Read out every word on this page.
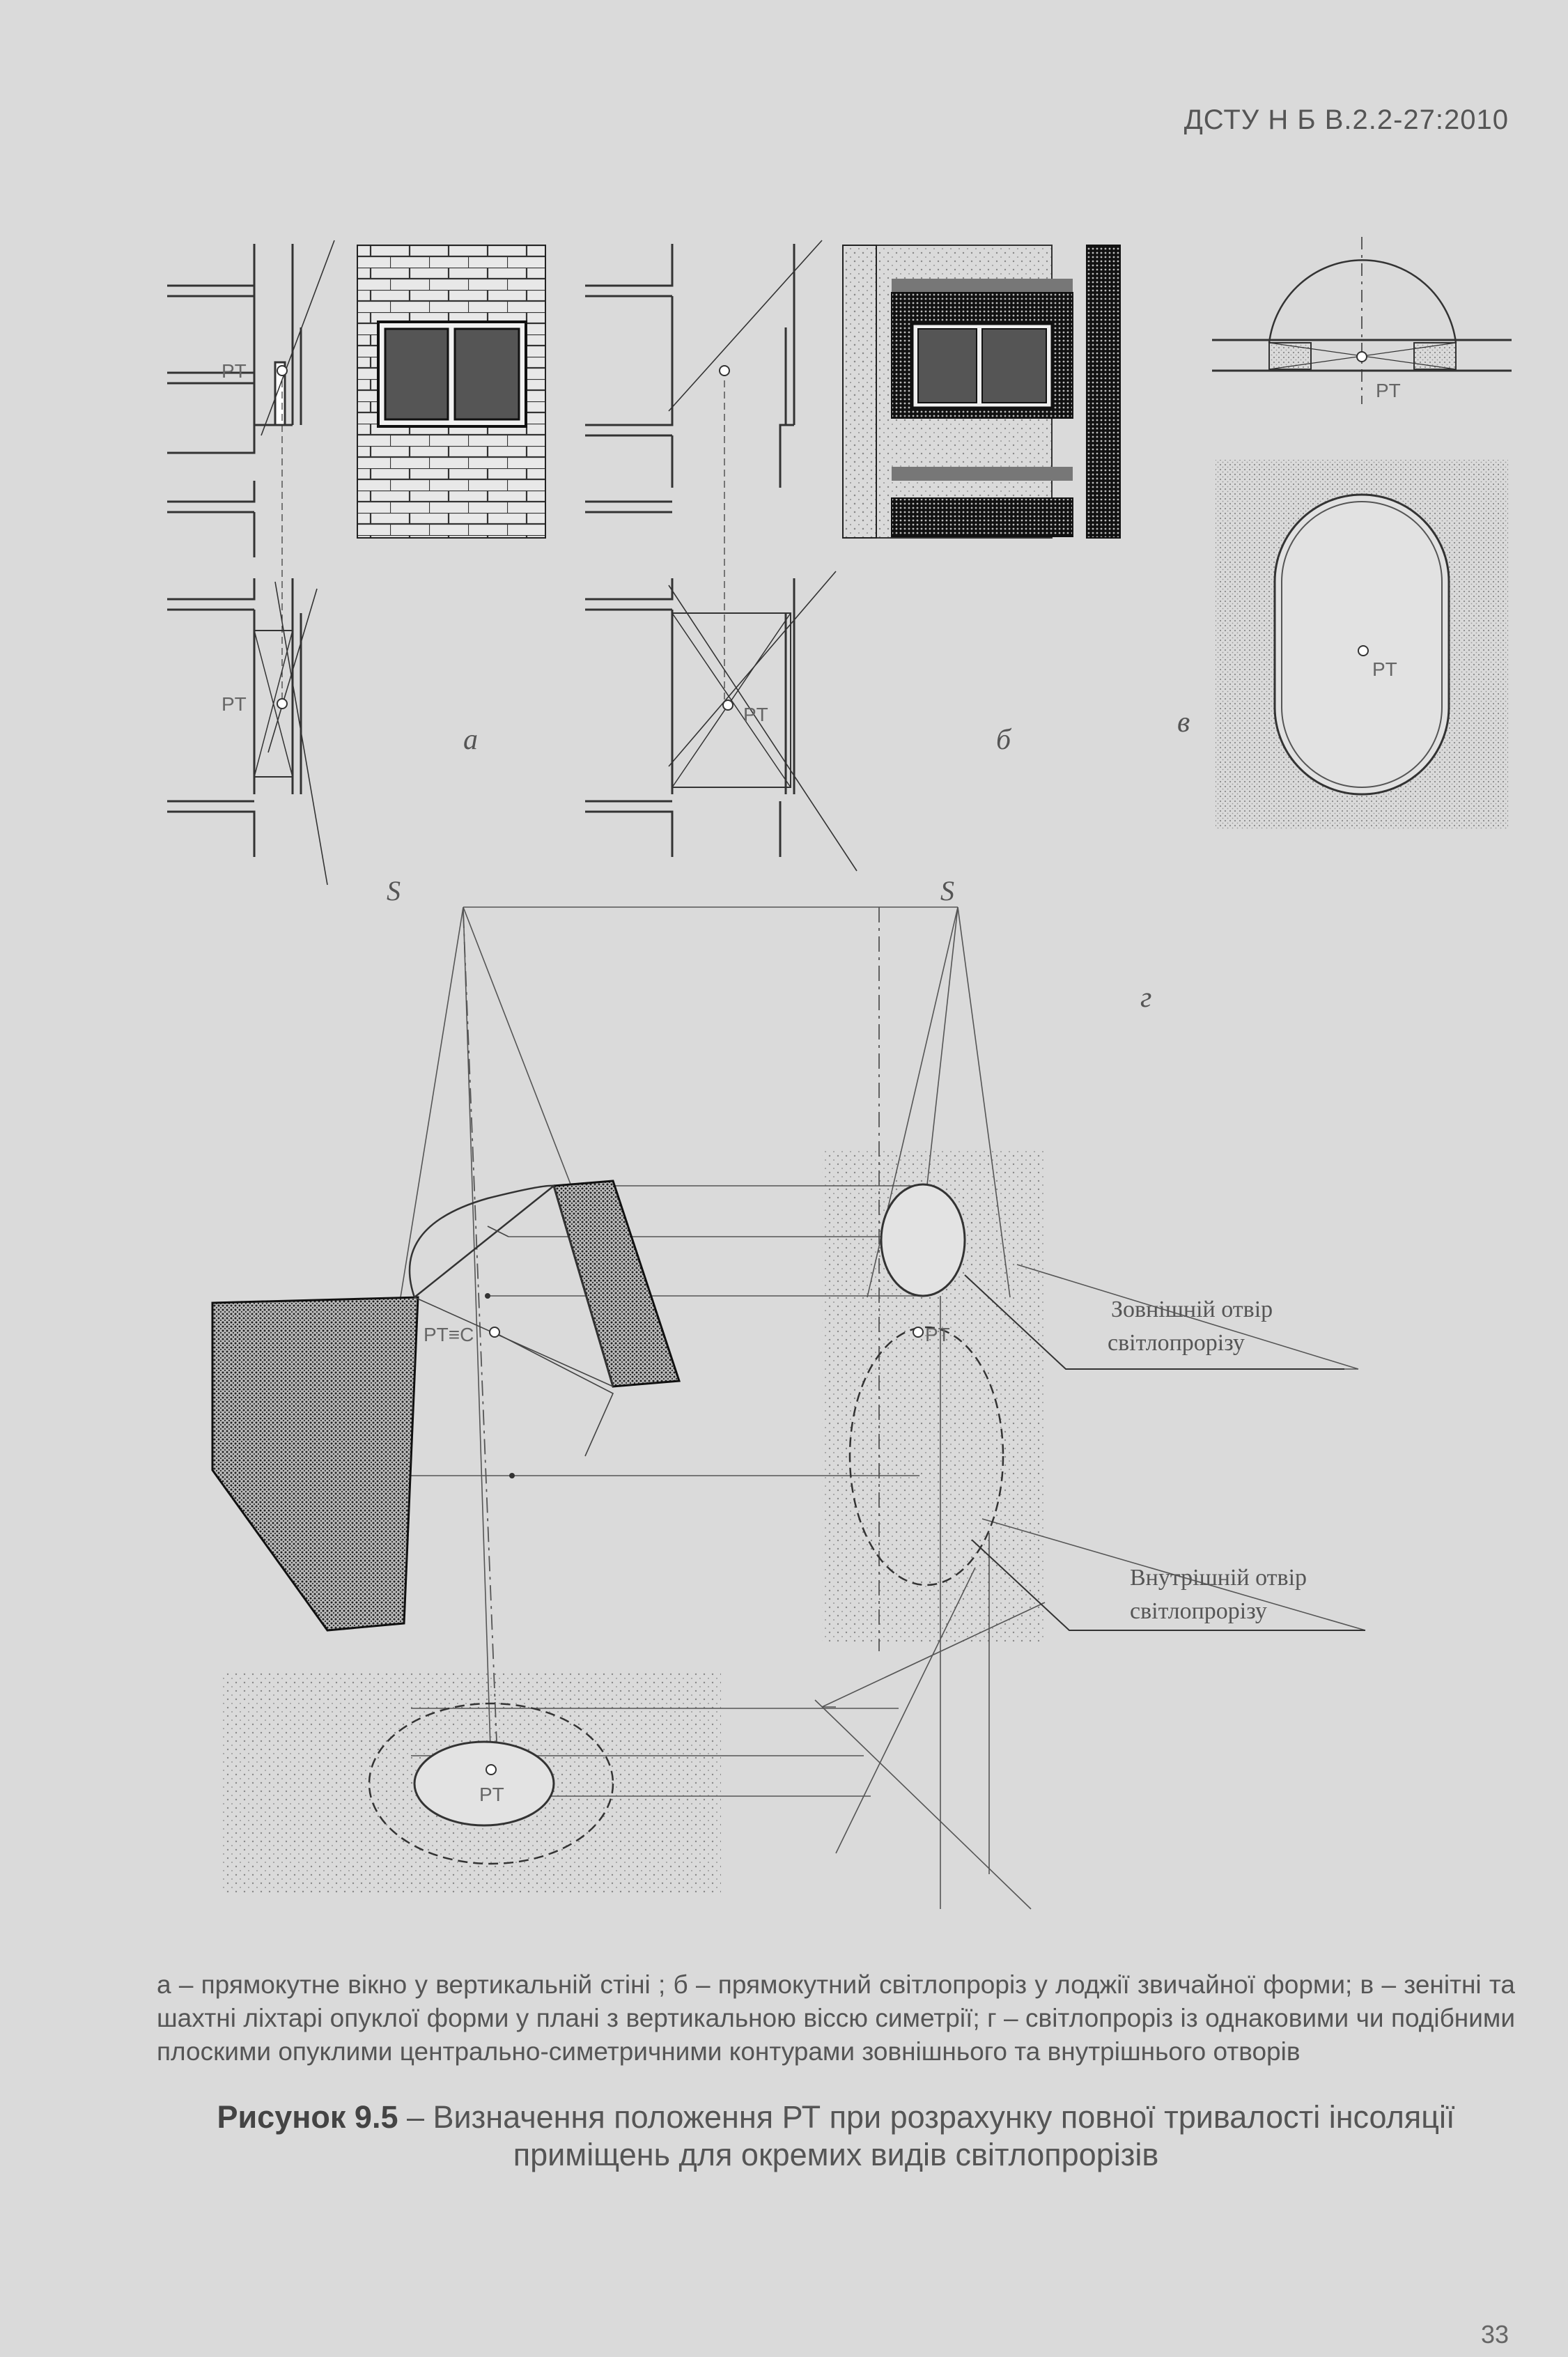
ДСТУ Н Б В.2.2-27:2010
PT
PT
а
PT
б
PT
PT
в
S	S
г
PT≡C	PT
PT
Зовнішній отвір
світлопрорізу
Внутрішній отвір
світлопрорізу
а – прямокутне вікно у вертикальній стіні ; б – прямокутний світлопроріз у лоджії звичайної форми; в – зенітні та шахтні ліхтарі опуклої форми у плані з вертикальною віссю симетрії; г – світлопроріз із однаковими чи подібними плоскими опуклими центрально-симетричними контурами зовнішнього та внутрішнього отворів
Рисунок 9.5 – Визначення положення РТ при розрахунку повної тривалості інсоляції приміщень для окремих видів світлопрорізів
33
